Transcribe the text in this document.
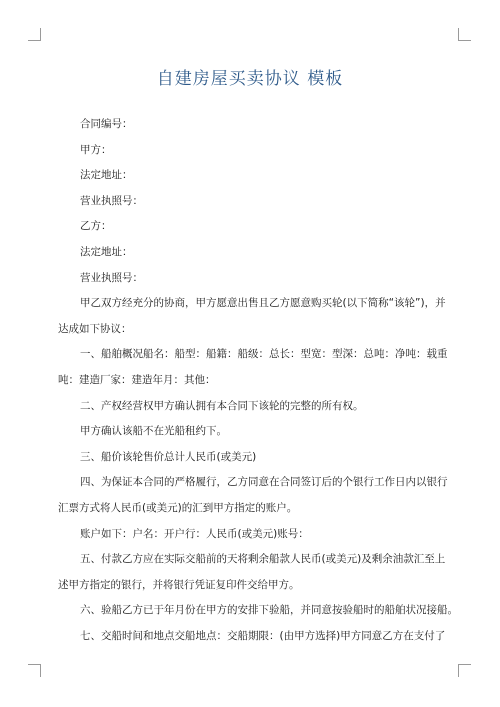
自建房屋买卖协议 模板
合同编号：
甲方：
法定地址：
营业执照号：
乙方：
法定地址：
营业执照号：
甲乙双方经充分的协商，甲方愿意出售且乙方愿意购买轮(以下简称“该轮”)，并
达成如下协议：
一、船舶概况船名：船型：船籍：船级：总长：型宽：型深：总吨：净吨：载重
吨：建造厂家：建造年月：其他：
二、产权经营权甲方确认拥有本合同下该轮的完整的所有权。
甲方确认该船不在光船租约下。
三、船价该轮售价总计人民币(或美元)
四、为保证本合同的严格履行，乙方同意在合同签订后的个银行工作日内以银行
汇票方式将人民币(或美元)的汇到甲方指定的账户。
账户如下：户名：开户行：人民币(或美元)账号：
五、付款乙方应在实际交船前的天将剩余船款人民币(或美元)及剩余油款汇至上
述甲方指定的银行，并将银行凭证复印件交给甲方。
六、验船乙方已于年月份在甲方的安排下验船，并同意按验船时的船舶状况接船。
七、交船时间和地点交船地点：交船期限：(由甲方选择)甲方同意乙方在支付了
